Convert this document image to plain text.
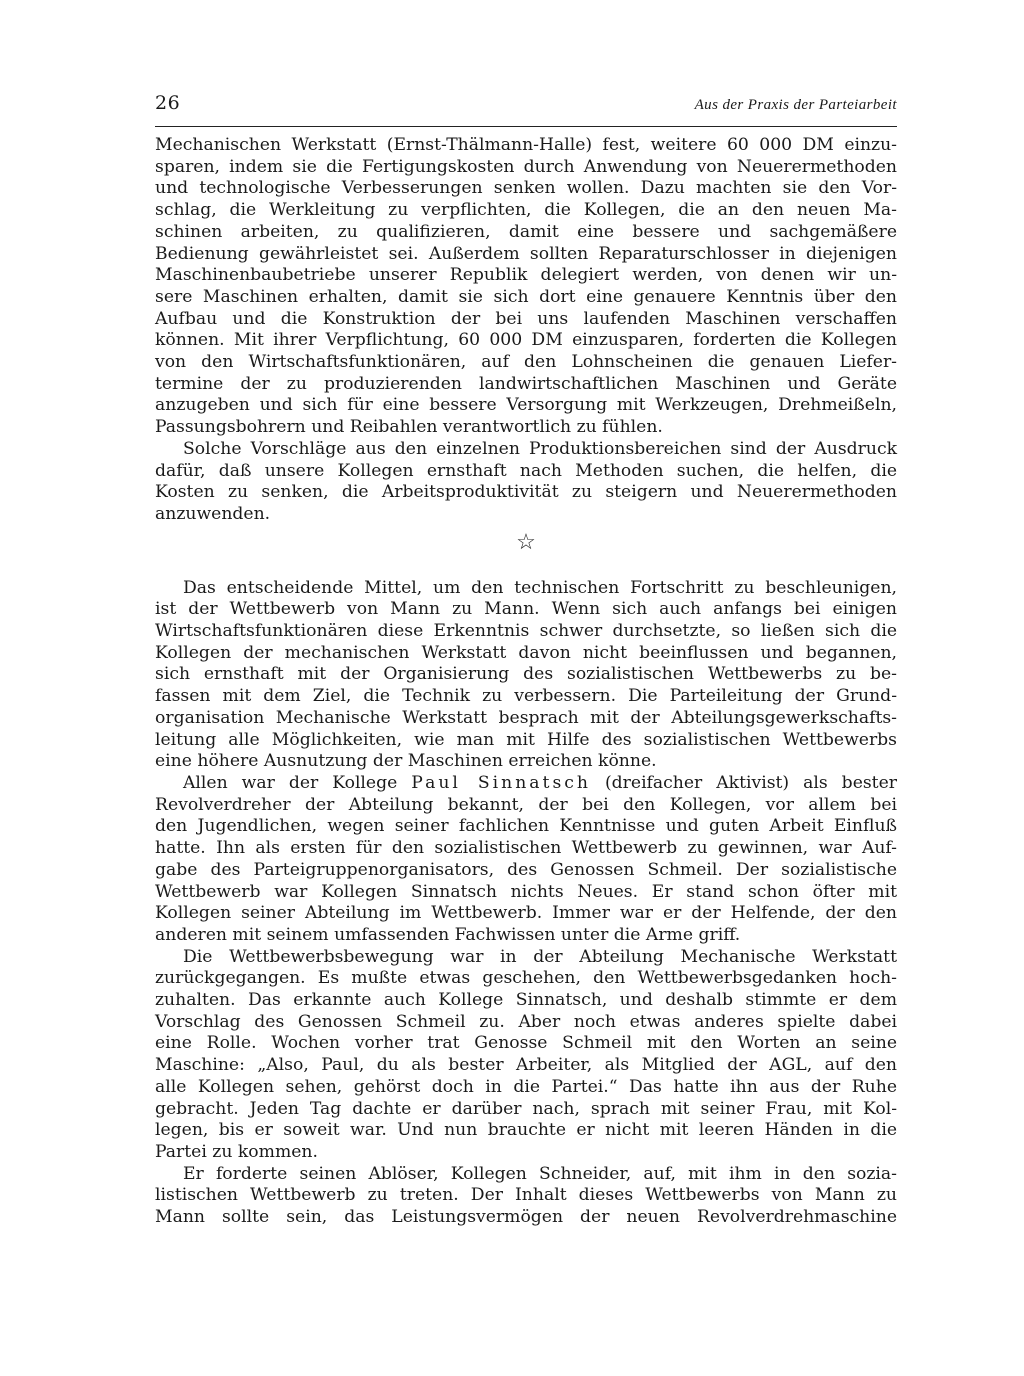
26	Aus der Praxis der Parteiarbeit

Mechanischen Werkstatt (Ernst-Thälmann-Halle) fest, weitere 60 000 DM einzu-
sparen, indem sie die Fertigungskosten durch Anwendung von Neuerermethoden
und technologische Verbesserungen senken wollen. Dazu machten sie den Vor-
schlag, die Werkleitung zu verpflichten, die Kollegen, die an den neuen Ma-
schinen arbeiten, zu qualifizieren, damit eine bessere und sachgemäßere
Bedienung gewährleistet sei. Außerdem sollten Reparaturschlosser in diejenigen
Maschinenbaubetriebe unserer Republik delegiert werden, von denen wir un-
sere Maschinen erhalten, damit sie sich dort eine genauere Kenntnis über den
Aufbau und die Konstruktion der bei uns laufenden Maschinen verschaffen
können. Mit ihrer Verpflichtung, 60 000 DM einzusparen, forderten die Kollegen
von den Wirtschaftsfunktionären, auf den Lohnscheinen die genauen Liefer-
termine der zu produzierenden landwirtschaftlichen Maschinen und Geräte
anzugeben und sich für eine bessere Versorgung mit Werkzeugen, Drehmeißeln,
Passungsbohrern und Reibahlen verantwortlich zu fühlen.

Solche Vorschläge aus den einzelnen Produktionsbereichen sind der Ausdruck
dafür, daß unsere Kollegen ernsthaft nach Methoden suchen, die helfen, die
Kosten zu senken, die Arbeitsproduktivität zu steigern und Neuerermethoden
anzuwenden.

☆

Das entscheidende Mittel, um den technischen Fortschritt zu beschleunigen,
ist der Wettbewerb von Mann zu Mann. Wenn sich auch anfangs bei einigen
Wirtschaftsfunktionären diese Erkenntnis schwer durchsetzte, so ließen sich die
Kollegen der mechanischen Werkstatt davon nicht beeinflussen und begannen,
sich ernsthaft mit der Organisierung des sozialistischen Wettbewerbs zu be-
fassen mit dem Ziel, die Technik zu verbessern. Die Parteileitung der Grund-
organisation Mechanische Werkstatt besprach mit der Abteilungsgewerkschafts-
leitung alle Möglichkeiten, wie man mit Hilfe des sozialistischen Wettbewerbs
eine höhere Ausnutzung der Maschinen erreichen könne.

Allen war der Kollege Paul Sinnatsch (dreifacher Aktivist) als bester
Revolverdreher der Abteilung bekannt, der bei den Kollegen, vor allem bei
den Jugendlichen, wegen seiner fachlichen Kenntnisse und guten Arbeit Einfluß
hatte. Ihn als ersten für den sozialistischen Wettbewerb zu gewinnen, war Auf-
gabe des Parteigruppenorganisators, des Genossen Schmeil. Der sozialistische
Wettbewerb war Kollegen Sinnatsch nichts Neues. Er stand schon öfter mit
Kollegen seiner Abteilung im Wettbewerb. Immer war er der Helfende, der den
anderen mit seinem umfassenden Fachwissen unter die Arme griff.

Die Wettbewerbsbewegung war in der Abteilung Mechanische Werkstatt
zurückgegangen. Es mußte etwas geschehen, den Wettbewerbsgedanken hoch-
zuhalten. Das erkannte auch Kollege Sinnatsch, und deshalb stimmte er dem
Vorschlag des Genossen Schmeil zu. Aber noch etwas anderes spielte dabei
eine Rolle. Wochen vorher trat Genosse Schmeil mit den Worten an seine
Maschine: „Also, Paul, du als bester Arbeiter, als Mitglied der AGL, auf den
alle Kollegen sehen, gehörst doch in die Partei.“ Das hatte ihn aus der Ruhe
gebracht. Jeden Tag dachte er darüber nach, sprach mit seiner Frau, mit Kol-
legen, bis er soweit war. Und nun brauchte er nicht mit leeren Händen in die
Partei zu kommen.

Er forderte seinen Ablöser, Kollegen Schneider, auf, mit ihm in den sozia-
listischen Wettbewerb zu treten. Der Inhalt dieses Wettbewerbs von Mann zu
Mann sollte sein, das Leistungsvermögen der neuen Revolverdrehmaschine
